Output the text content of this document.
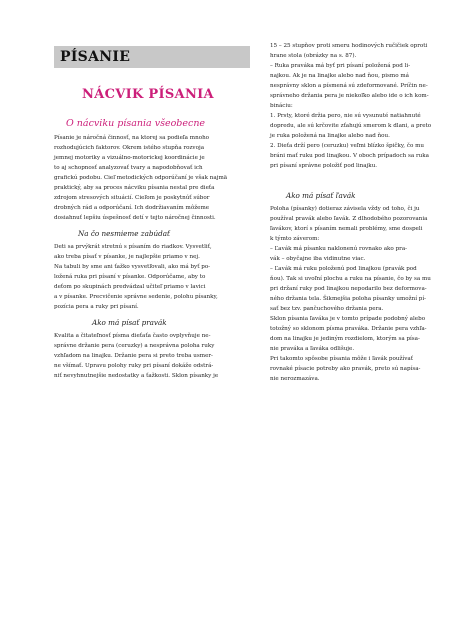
PÍSANIE
NÁCVIK PÍSANIA
O nácviku písania všeobecne
Písanie je náročná činnosť, na ktorej sa podieľa mnoho
rozhodujúcich faktorov. Okrem istého stupňa rozvoja
jemnej motoriky a vizuálno-motorickej koordinácie je
to aj schopnosť analyzovať tvary a napodobňovať ich
grafickú podobu. Cieľ metodických odporúčaní je však najmä
praktický, aby sa proces nácviku písania nestal pre dieťa
zdrojom stresových situácií. Cieľom je poskytnúť súbor
drobných rád a odporúčaní. Ich dodržiavaním môžeme
dosiahnuť lepšiu úspešnosť detí v tejto náročnej činnosti.
Na čo nesmieme zabúdať
Deti sa prvýkrát stretnú s písaním do riadkov. Vysvetliť,
ako treba písať v písanke, je najlepšie priamo v nej.
Na tabuli by sme ani ťažko vysvetľovali, ako má byť po-
ložená ruka pri písaní v písanke. Odporúčame, aby to
deťom po skupinách predvádzal učiteľ priamo v lavici
a v písanke. Precvičenie správne sedenie, polohu písanky,
pozícia pera a ruky pri písaní.
Ako má písať pravák
Kvalita a čitateľnosť písma dieťaťa často ovplyvňuje ne-
správne držanie pera (ceruzky) a nesprávna poloha ruky
vzhľadom na linajku. Držanie pera si preto treba usmer-
ne všímať. Upravu polohy ruky pri písaní dokáže odstrá-
niť nevyhnutnejšie nedostatky a ťažkosti. Sklon písanky je
15 – 25 stupňov proti smeru hodinových ručičiek oproti
hrane stola (obrázky na s. 87).
– Ruka praváka má byť pri písaní položená pod li-
najkou. Ak je na linajke alebo nad ňou, pismo má
nesprávny sklon a písmená sú zdeformované. Príčin ne-
správneho držania pera je niekoľko alebo ide o ich kom-
bináciu:
1. Prsty, ktoré držia pero, nie sú vysunuté natiahnuté
dopredu, ale sú krčovite zťahujú smerom k dlani, a preto
je ruka položená na linajke alebo nad ňou.
2. Dieťa drží pero (ceruzku) veľmi blízko špičky, čo mu
bráni mať ruku pod linajkou. V oboch prípadoch sa ruka
pri písaní správne položiť pod linajku.
Ako má písať ľavák
Poloha (písanky) dotieraz závisela vždy od toho, či ju
používal pravák alebo ľavák. Z dlhodobého pozorovania
ľavákov, ktorí s písaním nemali problémy, sme dospeli
k týmto záverom:
– Ľavák má písanku naklonenú rovnako ako pra-
vák – obyčajne iba vidinutne viac.
– Ľavák má ruku položenú pod linajkou (pravák pod
ňou). Tak si uvoľní plochu a ruku na písanie, čo by sa mu
pri držaní ruky pod linajkou nepodarilo bez deformova-
ného držania tela. Šikmejšia poloha písanky umožní pí-
sať bez tzv. pančuchového držania pera.
Sklon písania ľaváka je v tomto prípade podobný alebo
totožný so sklonom písma praváka. Držanie pera vzhľa-
dom na linajku je jediným rozdielom, ktorým sa písa-
nie praváka a ľaváka odlišuje.
Pri takomto spôsobe písania môže i ľavák používať
rovnaké písacie potreby ako pravák, preto sú napísa-
nie nerozmazáva.
